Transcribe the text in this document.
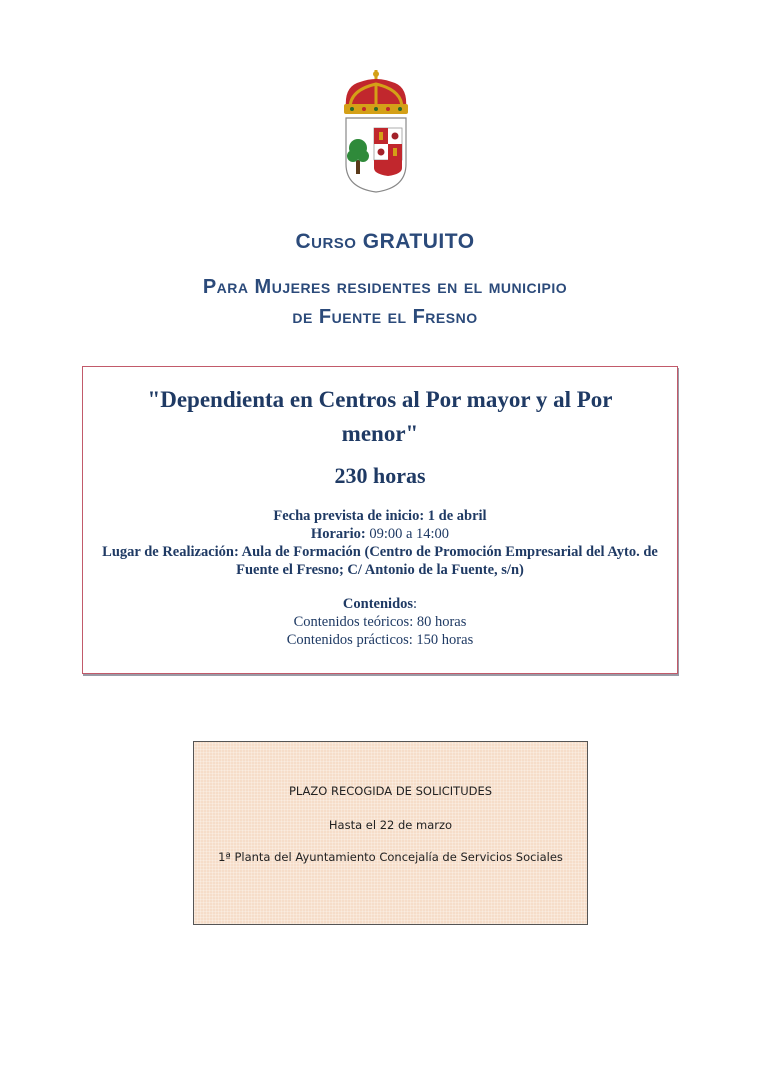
Curso GRATUITO
Para Mujeres residentes en el municipio
de Fuente el Fresno
"Dependienta en Centros al Por mayor y al Por menor"
230 horas
Fecha prevista de inicio: 1 de abril
Horario: 09:00 a 14:00
Lugar de Realización: Aula de Formación (Centro de Promoción Empresarial del Ayto. de Fuente el Fresno; C/ Antonio de la Fuente, s/n)
Contenidos:
Contenidos teóricos: 80 horas
Contenidos prácticos: 150 horas
PLAZO RECOGIDA DE SOLICITUDES
Hasta el 22 de marzo
1ª Planta del Ayuntamiento Concejalía de Servicios Sociales
